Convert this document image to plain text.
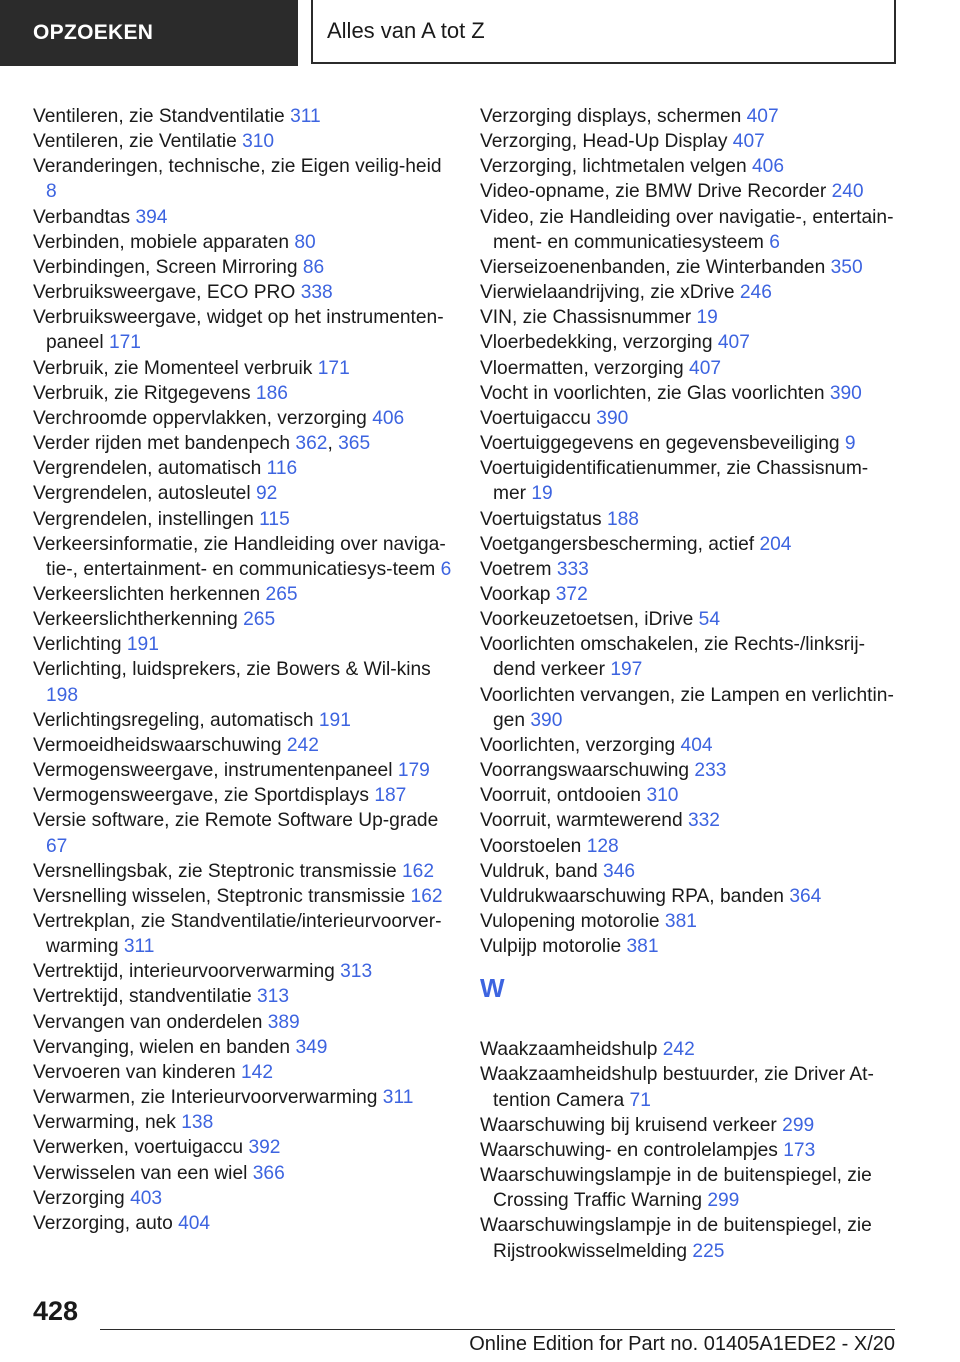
OPZOEKEN	Alles van A tot Z
Ventileren, zie Standventilatie 311
Ventileren, zie Ventilatie 310
Veranderingen, technische, zie Eigen veilig‐heid 8
Verbandtas 394
Verbinden, mobiele apparaten 80
Verbindingen, Screen Mirroring 86
Verbruiksweergave, ECO PRO 338
Verbruiksweergave, widget op het instrumenten‐paneel 171
Verbruik, zie Momenteel verbruik 171
Verbruik, zie Ritgegevens 186
Verchroomde oppervlakken, verzorging 406
Verder rijden met bandenpech 362, 365
Vergrendelen, automatisch 116
Vergrendelen, autosleutel 92
Vergrendelen, instellingen 115
Verkeersinformatie, zie Handleiding over naviga‐tie-, entertainment- en communicatiesys‐teem 6
Verkeerslichten herkennen 265
Verkeerslichtherkenning 265
Verlichting 191
Verlichting, luidsprekers, zie Bowers & Wil‐kins 198
Verlichtingsregeling, automatisch 191
Vermoeidheidswaarschuwing 242
Vermogensweergave, instrumentenpaneel 179
Vermogensweergave, zie Sportdisplays 187
Versie software, zie Remote Software Up‐grade 67
Versnellingsbak, zie Steptronic transmissie 162
Versnelling wisselen, Steptronic transmissie 162
Vertrekplan, zie Standventilatie/interieurvoorver‐warming 311
Vertrektijd, interieurvoorverwarming 313
Vertrektijd, standventilatie 313
Vervangen van onderdelen 389
Vervanging, wielen en banden 349
Vervoeren van kinderen 142
Verwarmen, zie Interieurvoorverwarming 311
Verwarming, nek 138
Verwerken, voertuigaccu 392
Verwisselen van een wiel 366
Verzorging 403
Verzorging, auto 404
Verzorging displays, schermen 407
Verzorging, Head-Up Display 407
Verzorging, lichtmetalen velgen 406
Video-opname, zie BMW Drive Recorder 240
Video, zie Handleiding over navigatie-, entertain‐ment- en communicatiesysteem 6
Vierseizoenenbanden, zie Winterbanden 350
Vierwielaandrijving, zie xDrive 246
VIN, zie Chassisnummer 19
Vloerbedekking, verzorging 407
Vloermatten, verzorging 407
Vocht in voorlichten, zie Glas voorlichten 390
Voertuigaccu 390
Voertuiggegevens en gegevensbeveiliging 9
Voertuigidentificatienummer, zie Chassisnum‐mer 19
Voertuigstatus 188
Voetgangersbescherming, actief 204
Voetrem 333
Voorkap 372
Voorkeuzetoetsen, iDrive 54
Voorlichten omschakelen, zie Rechts-/linksrij‐dend verkeer 197
Voorlichten vervangen, zie Lampen en verlichtin‐gen 390
Voorlichten, verzorging 404
Voorrangswaarschuwing 233
Voorruit, ontdooien 310
Voorruit, warmtewerend 332
Voorstoelen 128
Vuldruk, band 346
Vuldrukwaarschuwing RPA, banden 364
Vulopening motorolie 381
Vulpijp motorolie 381
W
Waakzaamheidshulp 242
Waakzaamheidshulp bestuurder, zie Driver At‐tention Camera 71
Waarschuwing bij kruisend verkeer 299
Waarschuwing- en controlelampjes 173
Waarschuwingslampje in de buitenspiegel, zie Crossing Traffic Warning 299
Waarschuwingslampje in de buitenspiegel, zie Rijstrookwisselmelding 225
428
Online Edition for Part no. 01405A1EDE2 - X/20
